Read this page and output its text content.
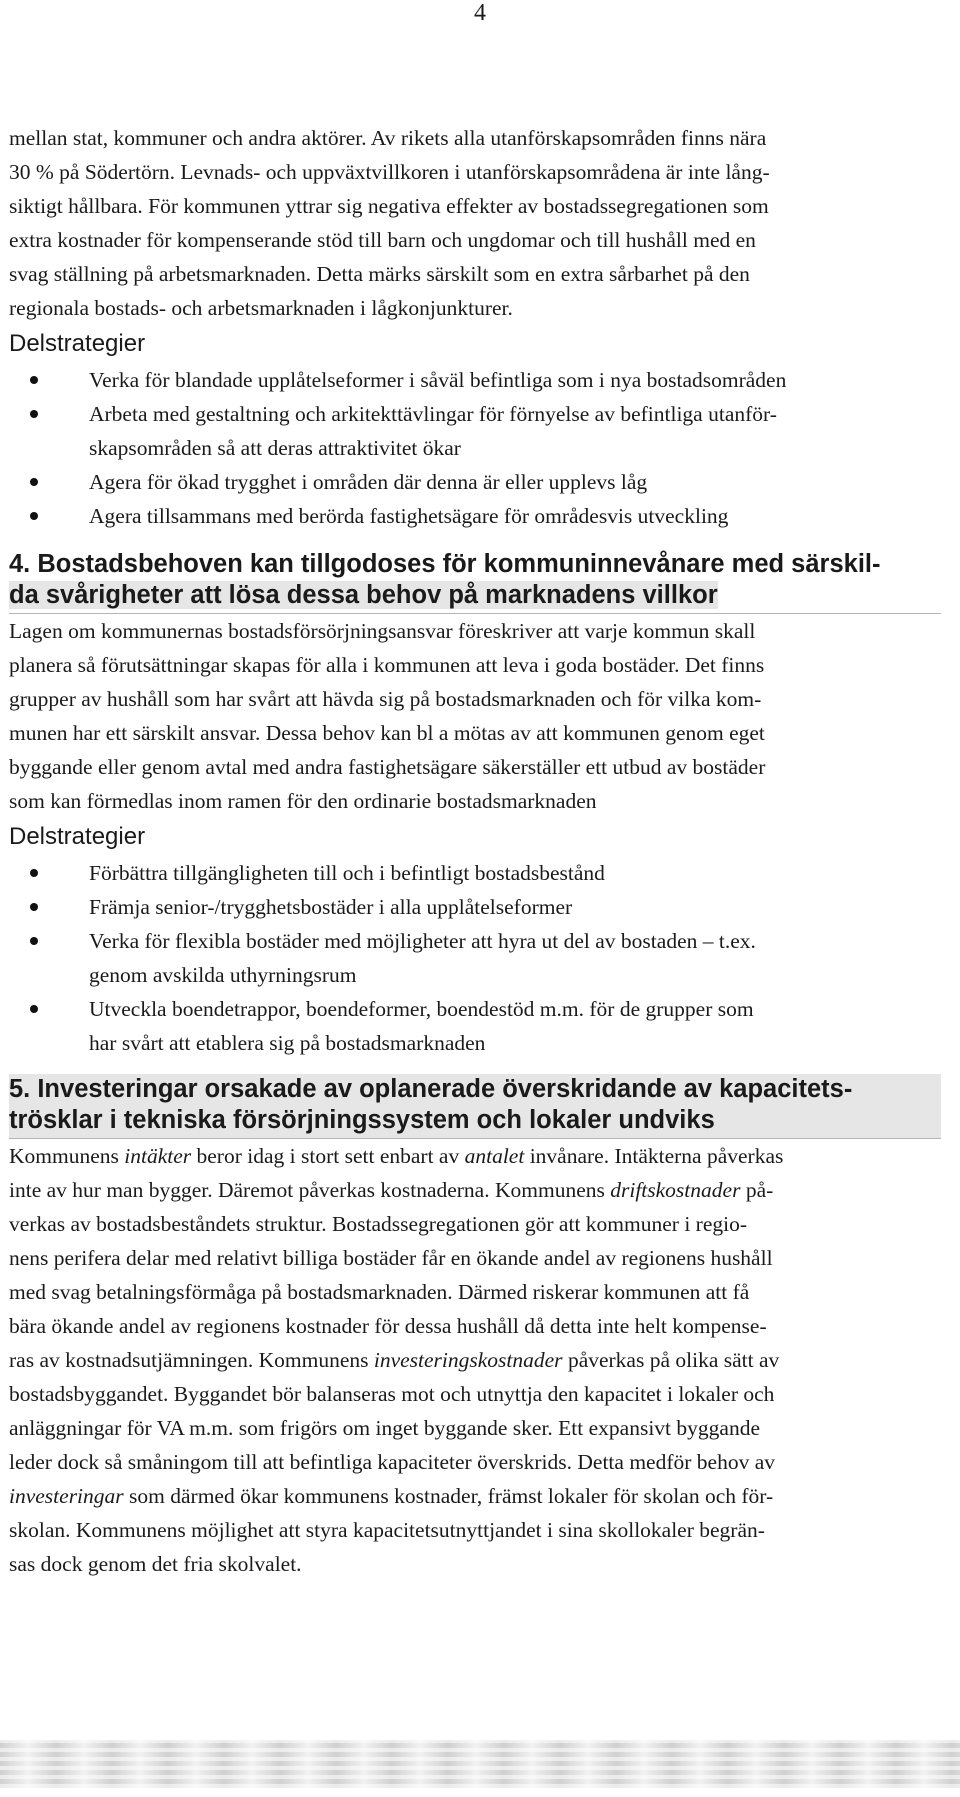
4

mellan stat, kommuner och andra aktörer. Av rikets alla utanförskapsområden finns nära
30 % på Södertörn. Levnads- och uppväxtvillkoren i utanförskapsområdena är inte lång-
siktigt hållbara. För kommunen yttrar sig negativa effekter av bostadssegregationen som
extra kostnader för kompenserande stöd till barn och ungdomar och till hushåll med en
svag ställning på arbetsmarknaden. Detta märks särskilt som en extra sårbarhet på den
regionala bostads- och arbetsmarknaden i lågkonjunkturer.

Delstrategier
Verka för blandade upplåtelseformer i såväl befintliga som i nya bostadsområden
Arbeta med gestaltning och arkitekttävlingar för förnyelse av befintliga utanför-
skapsområden så att deras attraktivitet ökar
Agera för ökad trygghet i områden där denna är eller upplevs låg
Agera tillsammans med berörda fastighetsägare för områdesvis utveckling
4. Bostadsbehoven kan tillgodoses för kommuninnevånare med särskil-
da svårigheter att lösa dessa behov på marknadens villkor

Lagen om kommunernas bostadsförsörjningsansvar föreskriver att varje kommun skall
planera så förutsättningar skapas för alla i kommunen att leva i goda bostäder. Det finns
grupper av hushåll som har svårt att hävda sig på bostadsmarknaden och för vilka kom-
munen har ett särskilt ansvar. Dessa behov kan bl a mötas av att kommunen genom eget
byggande eller genom avtal med andra fastighetsägare säkerställer ett utbud av bostäder
som kan förmedlas inom ramen för den ordinarie bostadsmarknaden

Delstrategier
Förbättra tillgängligheten till och i befintligt bostadsbestånd
Främja senior-/trygghetsbostäder i alla upplåtelseformer
Verka för flexibla bostäder med möjligheter att hyra ut del av bostaden – t.ex.
genom avskilda uthyrningsrum
Utveckla boendetrappor, boendeformer, boendestöd m.m. för de grupper som
har svårt att etablera sig på bostadsmarknaden
5. Investeringar orsakade av oplanerade överskridande av kapacitets-
trösklar i tekniska försörjningssystem och lokaler undviks

Kommunens intäkter beror idag i stort sett enbart av antalet invånare. Intäkterna påverkas
inte av hur man bygger. Däremot påverkas kostnaderna. Kommunens driftskostnader på-
verkas av bostadsbeståndets struktur. Bostadssegregationen gör att kommuner i regio-
nens perifera delar med relativt billiga bostäder får en ökande andel av regionens hushåll
med svag betalningsförmåga på bostadsmarknaden. Därmed riskerar kommunen att få
bära ökande andel av regionens kostnader för dessa hushåll då detta inte helt kompense-
ras av kostnadsutjämningen. Kommunens investeringskostnader påverkas på olika sätt av
bostadsbyggandet. Byggandet bör balanseras mot och utnyttja den kapacitet i lokaler och
anläggningar för VA m.m. som frigörs om inget byggande sker. Ett expansivt byggande
leder dock så småningom till att befintliga kapaciteter överskrids. Detta medför behov av
investeringar som därmed ökar kommunens kostnader, främst lokaler för skolan och för-
skolan. Kommunens möjlighet att styra kapacitetsutnyttjandet i sina skollokaler begrän-
sas dock genom det fria skolvalet.
